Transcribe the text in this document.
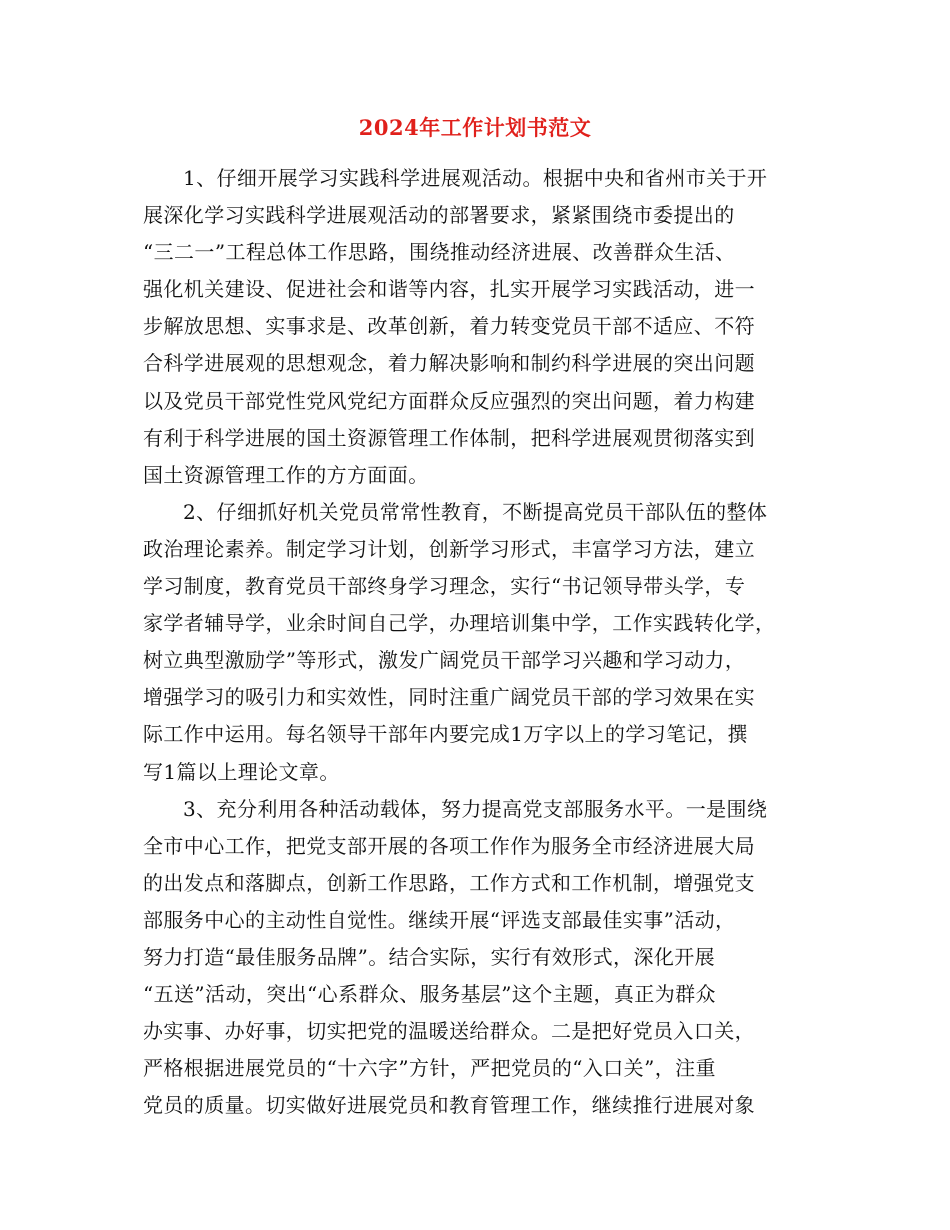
2024年工作计划书范文
1、仔细开展学习实践科学进展观活动。根据中央和省州市关于开
展深化学习实践科学进展观活动的部署要求，紧紧围绕市委提出的
“三二一”工程总体工作思路，围绕推动经济进展、改善群众生活、
强化机关建设、促进社会和谐等内容，扎实开展学习实践活动，进一
步解放思想、实事求是、改革创新，着力转变党员干部不适应、不符
合科学进展观的思想观念，着力解决影响和制约科学进展的突出问题
以及党员干部党性党风党纪方面群众反应强烈的突出问题，着力构建
有利于科学进展的国土资源管理工作体制，把科学进展观贯彻落实到
国土资源管理工作的方方面面。
2、仔细抓好机关党员常常性教育，不断提高党员干部队伍的整体
政治理论素养。制定学习计划，创新学习形式，丰富学习方法，建立
学习制度，教育党员干部终身学习理念，实行“书记领导带头学，专
家学者辅导学，业余时间自己学，办理培训集中学，工作实践转化学，
树立典型激励学”等形式，激发广阔党员干部学习兴趣和学习动力，
增强学习的吸引力和实效性，同时注重广阔党员干部的学习效果在实
际工作中运用。每名领导干部年内要完成1万字以上的学习笔记，撰
写1篇以上理论文章。
3、充分利用各种活动载体，努力提高党支部服务水平。一是围绕
全市中心工作，把党支部开展的各项工作作为服务全市经济进展大局
的出发点和落脚点，创新工作思路，工作方式和工作机制，增强党支
部服务中心的主动性自觉性。继续开展“评选支部最佳实事”活动，
努力打造“最佳服务品牌”。结合实际，实行有效形式，深化开展
“五送”活动，突出“心系群众、服务基层”这个主题，真正为群众
办实事、办好事，切实把党的温暖送给群众。二是把好党员入口关，
严格根据进展党员的“十六字”方针，严把党员的“入口关”，注重
党员的质量。切实做好进展党员和教育管理工作，继续推行进展对象
